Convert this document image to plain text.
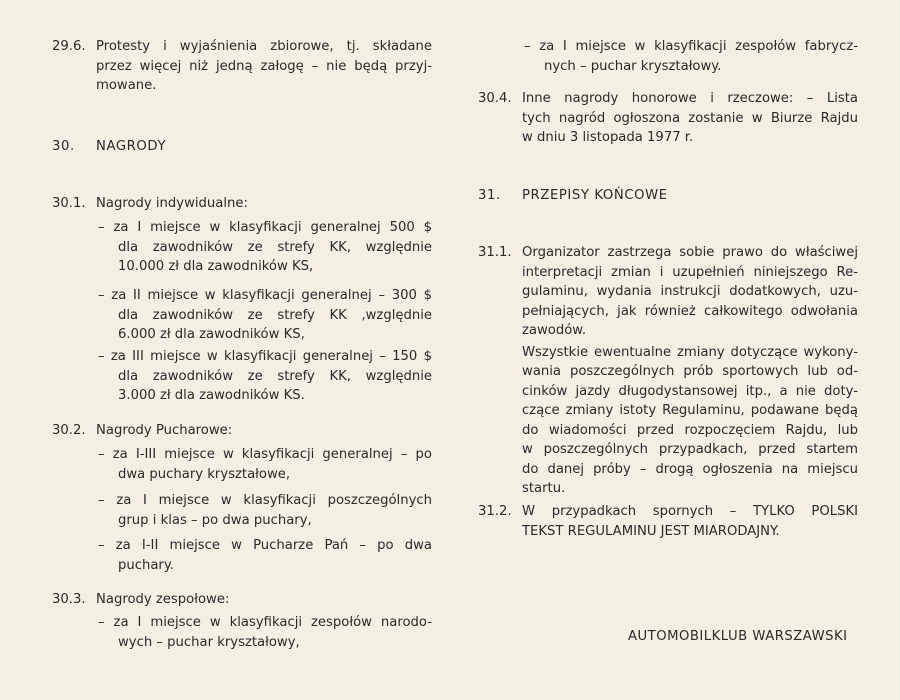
29.6. Protesty i wyjaśnienia zbiorowe, tj. składane
przez więcej niż jedną załogę – nie będą przyj-
mowane.
30. NAGRODY
30.1. Nagrody indywidualne:
– za I miejsce w klasyfikacji generalnej 500 $
dla zawodników ze strefy KK, względnie
10.000 zł dla zawodników KS,
– za II miejsce w klasyfikacji generalnej – 300 $
dla zawodników ze strefy KK ,względnie
6.000 zł dla zawodników KS,
– za III miejsce w klasyfikacji generalnej – 150 $
dla zawodników ze strefy KK, względnie
3.000 zł dla zawodników KS.
30.2. Nagrody Pucharowe:
– za I-III miejsce w klasyfikacji generalnej – po
dwa puchary kryształowe,
– za I miejsce w klasyfikacji poszczególnych
grup i klas – po dwa puchary,
– za I-II miejsce w Pucharze Pań – po dwa
puchary.
30.3. Nagrody zespołowe:
– za I miejsce w klasyfikacji zespołów narodo-
wych – puchar kryształowy,
– za I miejsce w klasyfikacji zespołów fabrycz-
nych – puchar kryształowy.
30.4. Inne nagrody honorowe i rzeczowe: – Lista
tych nagród ogłoszona zostanie w Biurze Rajdu
w dniu 3 listopada 1977 r.
31. PRZEPISY KOŃCOWE
31.1. Organizator zastrzega sobie prawo do właściwej
interpretacji zmian i uzupełnień niniejszego Re-
gulaminu, wydania instrukcji dodatkowych, uzu-
pełniających, jak również całkowitego odwołania
zawodów.
Wszystkie ewentualne zmiany dotyczące wykony-
wania poszczególnych prób sportowych lub od-
cinków jazdy długodystansowej itp., a nie doty-
czące zmiany istoty Regulaminu, podawane będą
do wiadomości przed rozpoczęciem Rajdu, lub
w poszczególnych przypadkach, przed startem
do danej próby – drogą ogłoszenia na miejscu
startu.
31.2. W przypadkach spornych – TYLKO POLSKI
TEKST REGULAMINU JEST MIARODAJNY.
AUTOMOBILKLUB WARSZAWSKI
